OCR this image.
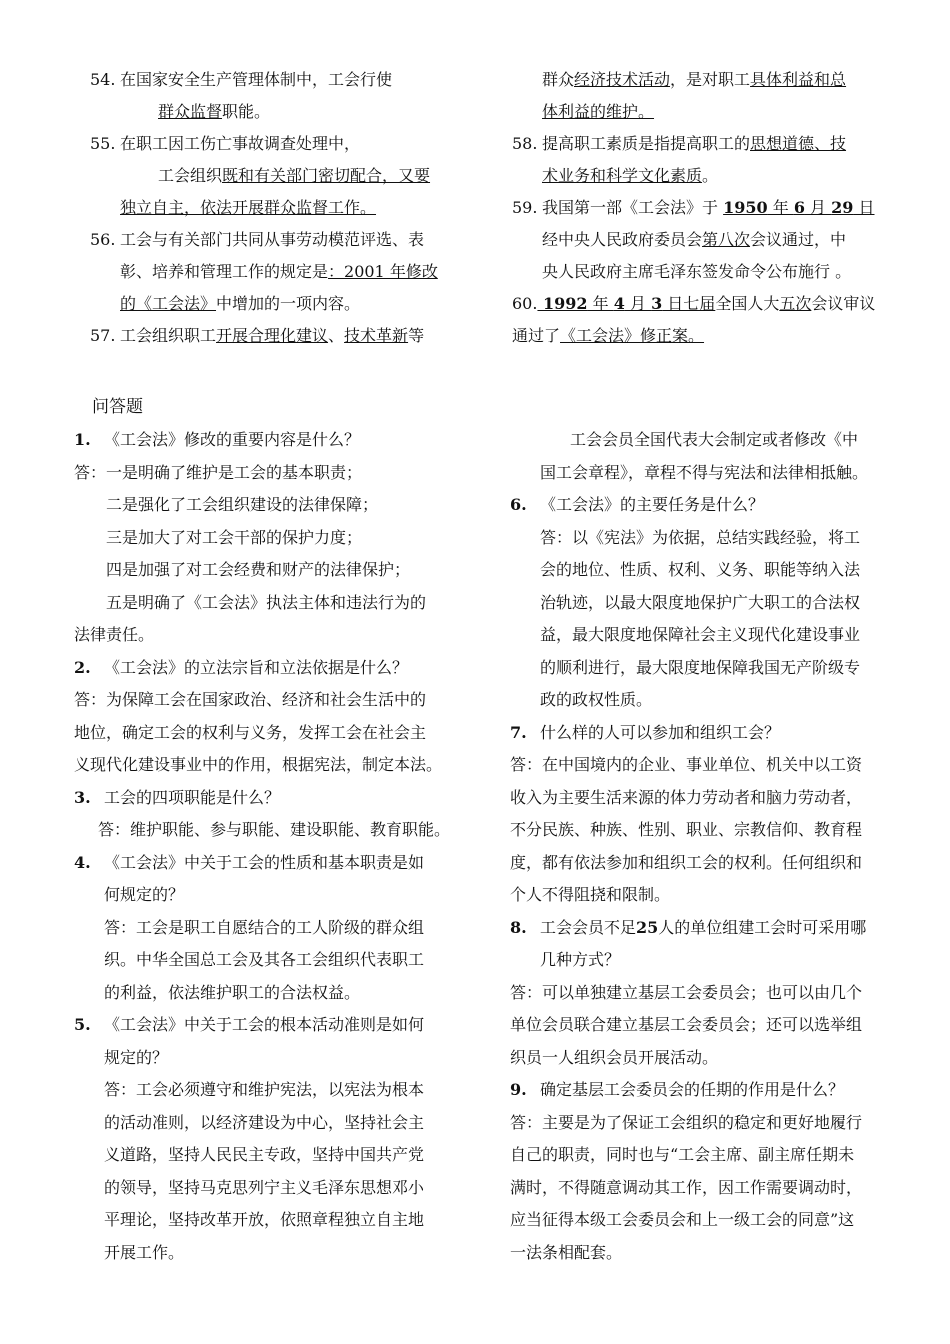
54. 在国家安全生产管理体制中，工会行使
群众监督职能。
55. 在职工因工伤亡事故调查处理中，
工会组织既和有关部门密切配合，又要
独立自主，依法开展群众监督工作。
56. 工会与有关部门共同从事劳动模范评选、表
彰、培养和管理工作的规定是：2001 年修改
的《工会法》中增加的一项内容。
57. 工会组织职工开展合理化建议、技术革新等
群众经济技术活动，是对职工具体利益和总
体利益的维护。
58. 提高职工素质是指提高职工的思想道德、技
术业务和科学文化素质。
59. 我国第一部《工会法》于 1950 年 6 月 29 日
经中央人民政府委员会第八次会议通过，中
央人民政府主席毛泽东签发命令公布施行 。
60. 1992 年 4 月 3 日七届全国人大五次会议审议
通过了《工会法》修正案。
问答题
1. 《工会法》修改的重要内容是什么？
答：一是明确了维护是工会的基本职责；
二是强化了工会组织建设的法律保障；
三是加大了对工会干部的保护力度；
四是加强了对工会经费和财产的法律保护；
五是明确了《工会法》执法主体和违法行为的
法律责任。
2. 《工会法》的立法宗旨和立法依据是什么？
答：为保障工会在国家政治、经济和社会生活中的
地位，确定工会的权利与义务，发挥工会在社会主
义现代化建设事业中的作用，根据宪法，制定本法。
3. 工会的四项职能是什么？
答：维护职能、参与职能、建设职能、教育职能。
4. 《工会法》中关于工会的性质和基本职责是如
何规定的？
答：工会是职工自愿结合的工人阶级的群众组
织。中华全国总工会及其各工会组织代表职工
的利益，依法维护职工的合法权益。
5. 《工会法》中关于工会的根本活动准则是如何
规定的？
答：工会必须遵守和维护宪法，以宪法为根本
的活动准则，以经济建设为中心，坚持社会主
义道路，坚持人民民主专政，坚持中国共产党
的领导，坚持马克思列宁主义毛泽东思想邓小
平理论，坚持改革开放，依照章程独立自主地
开展工作。
工会会员全国代表大会制定或者修改《中
国工会章程》，章程不得与宪法和法律相抵触。
6. 《工会法》的主要任务是什么？
答：以《宪法》为依据，总结实践经验，将工
会的地位、性质、权利、义务、职能等纳入法
治轨迹，以最大限度地保护广大职工的合法权
益，最大限度地保障社会主义现代化建设事业
的顺利进行，最大限度地保障我国无产阶级专
政的政权性质。
7. 什么样的人可以参加和组织工会？
答：在中国境内的企业、事业单位、机关中以工资
收入为主要生活来源的体力劳动者和脑力劳动者，
不分民族、种族、性别、职业、宗教信仰、教育程
度，都有依法参加和组织工会的权利。任何组织和
个人不得阻挠和限制。
8. 工会会员不足25人的单位组建工会时可采用哪
几种方式？
答：可以单独建立基层工会委员会；也可以由几个
单位会员联合建立基层工会委员会；还可以选举组
织员一人组织会员开展活动。
9. 确定基层工会委员会的任期的作用是什么？
答：主要是为了保证工会组织的稳定和更好地履行
自己的职责，同时也与“工会主席、副主席任期未
满时，不得随意调动其工作，因工作需要调动时，
应当征得本级工会委员会和上一级工会的同意”这
一法条相配套。
